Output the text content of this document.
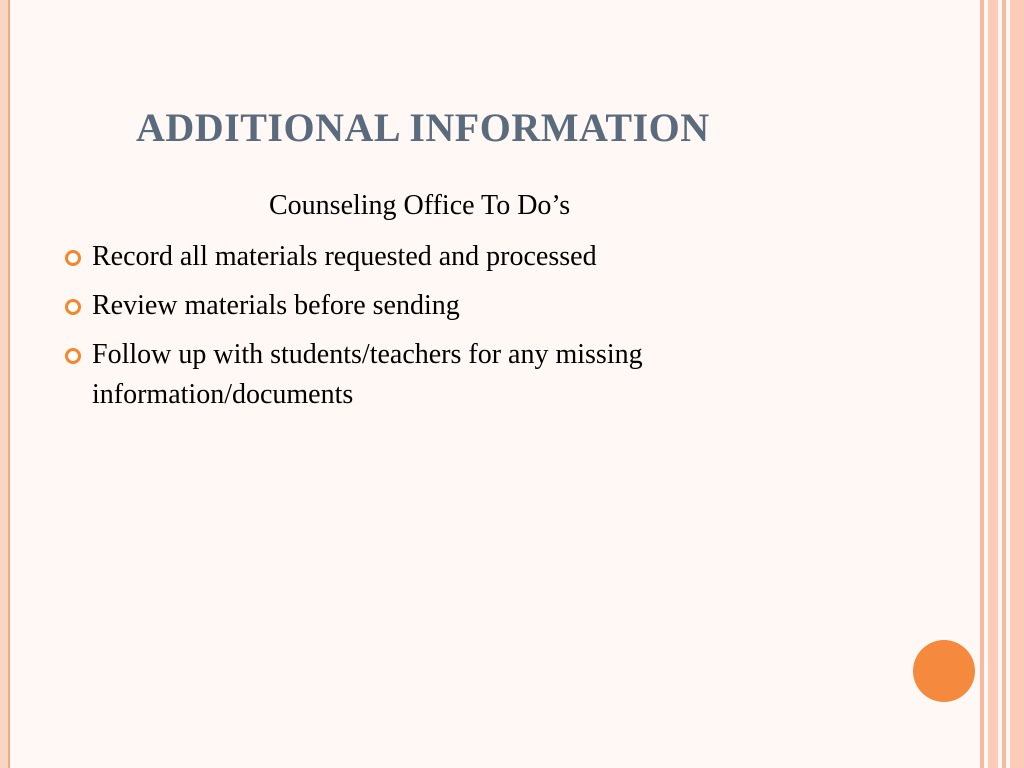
ADDITIONAL INFORMATION
Counseling Office To Do’s
Record all materials requested and processed
Review materials before sending
Follow up with students/teachers for any missing information/documents
